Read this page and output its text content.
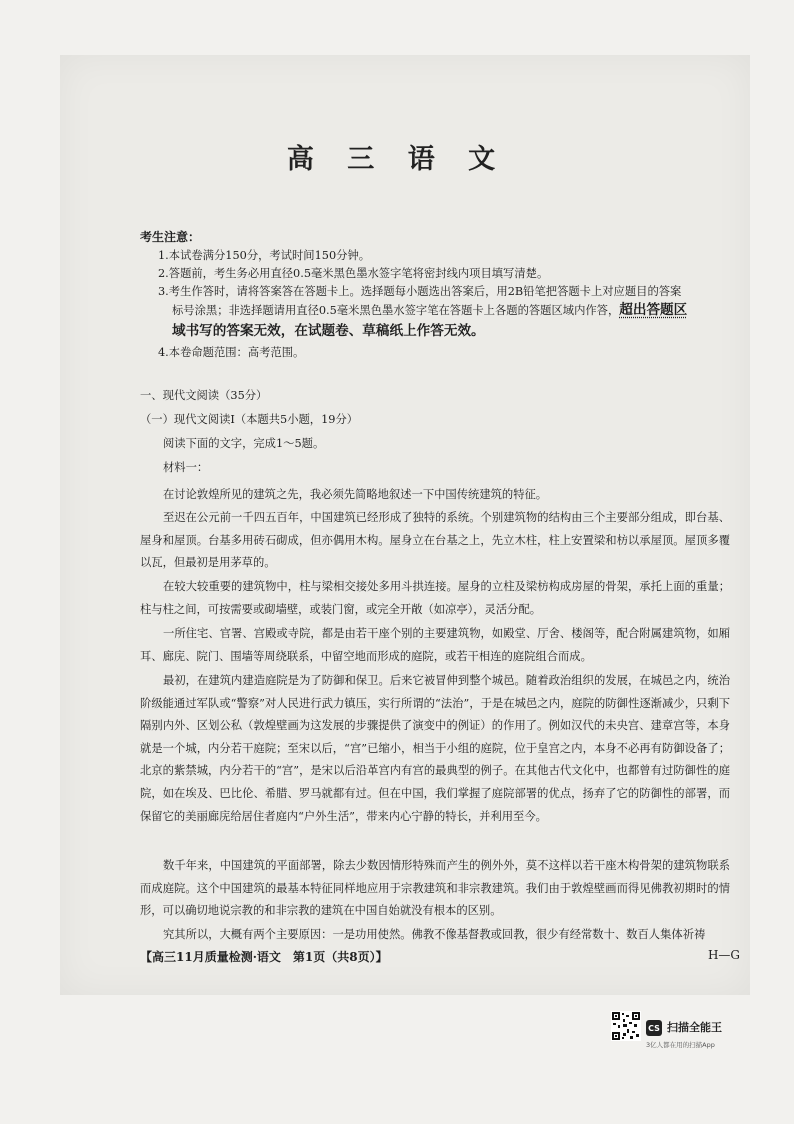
高 三 语 文
考生注意：
1.本试卷满分150分，考试时间150分钟。
2.答题前，考生务必用直径0.5毫米黑色墨水签字笔将密封线内项目填写清楚。
3.考生作答时，请将答案答在答题卡上。选择题每小题选出答案后，用2B铅笔把答题卡上对应题目的答案
标号涂黑；非选择题请用直径0.5毫米黑色墨水签字笔在答题卡上各题的答题区域内作答，超出答题区
域书写的答案无效，在试题卷、草稿纸上作答无效。
4.本卷命题范围：高考范围。
一、现代文阅读（35分）
（一）现代文阅读Ⅰ（本题共5小题，19分）
阅读下面的文字，完成1～5题。
材料一：
在讨论敦煌所见的建筑之先，我必须先简略地叙述一下中国传统建筑的特征。
至迟在公元前一千四五百年，中国建筑已经形成了独特的系统。个别建筑物的结构由三个主要部分组成，即台基、屋身和屋顶。台基多用砖石砌成，但亦偶用木构。屋身立在台基之上，先立木柱，柱上安置梁和枋以承屋顶。屋顶多覆以瓦，但最初是用茅草的。
在较大较重要的建筑物中，柱与梁相交接处多用斗拱连接。屋身的立柱及梁枋构成房屋的骨架，承托上面的重量；柱与柱之间，可按需要或砌墙壁，或装门窗，或完全开敞（如凉亭），灵活分配。
一所住宅、官署、宫殿或寺院，都是由若干座个别的主要建筑物，如殿堂、厅舍、楼阁等，配合附属建筑物，如厢耳、廊庑、院门、围墙等周绕联系，中留空地而形成的庭院，或若干相连的庭院组合而成。
最初，在建筑内建造庭院是为了防御和保卫。后来它被冒伸到整个城邑。随着政治组织的发展，在城邑之内，统治阶级能通过军队或“警察”对人民进行武力镇压，实行所谓的“法治”，于是在城邑之内，庭院的防御性逐渐减少，只剩下隔别内外、区划公私（敦煌壁画为这发展的步骤提供了演变中的例证）的作用了。例如汉代的未央宫、建章宫等，本身就是一个城，内分若干庭院；至宋以后，“宫”已缩小，相当于小组的庭院，位于皇宫之内，本身不必再有防御设备了；北京的紫禁城，内分若干的“宫”，是宋以后沿革宫内有宫的最典型的例子。在其他古代文化中，也都曾有过防御性的庭院，如在埃及、巴比伦、希腊、罗马就都有过。但在中国，我们掌握了庭院部署的优点，扬弃了它的防御性的部署，而保留它的美丽廊庑给居住者庭内“户外生活”，带来内心宁静的特长，并利用至今。
数千年来，中国建筑的平面部署，除去少数因情形特殊而产生的例外外，莫不这样以若干座木构骨架的建筑物联系而成庭院。这个中国建筑的最基本特征同样地应用于宗教建筑和非宗教建筑。我们由于敦煌壁画而得见佛教初期时的情形，可以确切地说宗教的和非宗教的建筑在中国自始就没有根本的区别。
究其所以，大概有两个主要原因：一是功用使然。佛教不像基督教或回教，很少有经常数十、数百人集体祈祷
【高三11月质量检测·语文　第1页（共8页）】	H—G
CS 扫描全能王
3亿人都在用的扫描App
